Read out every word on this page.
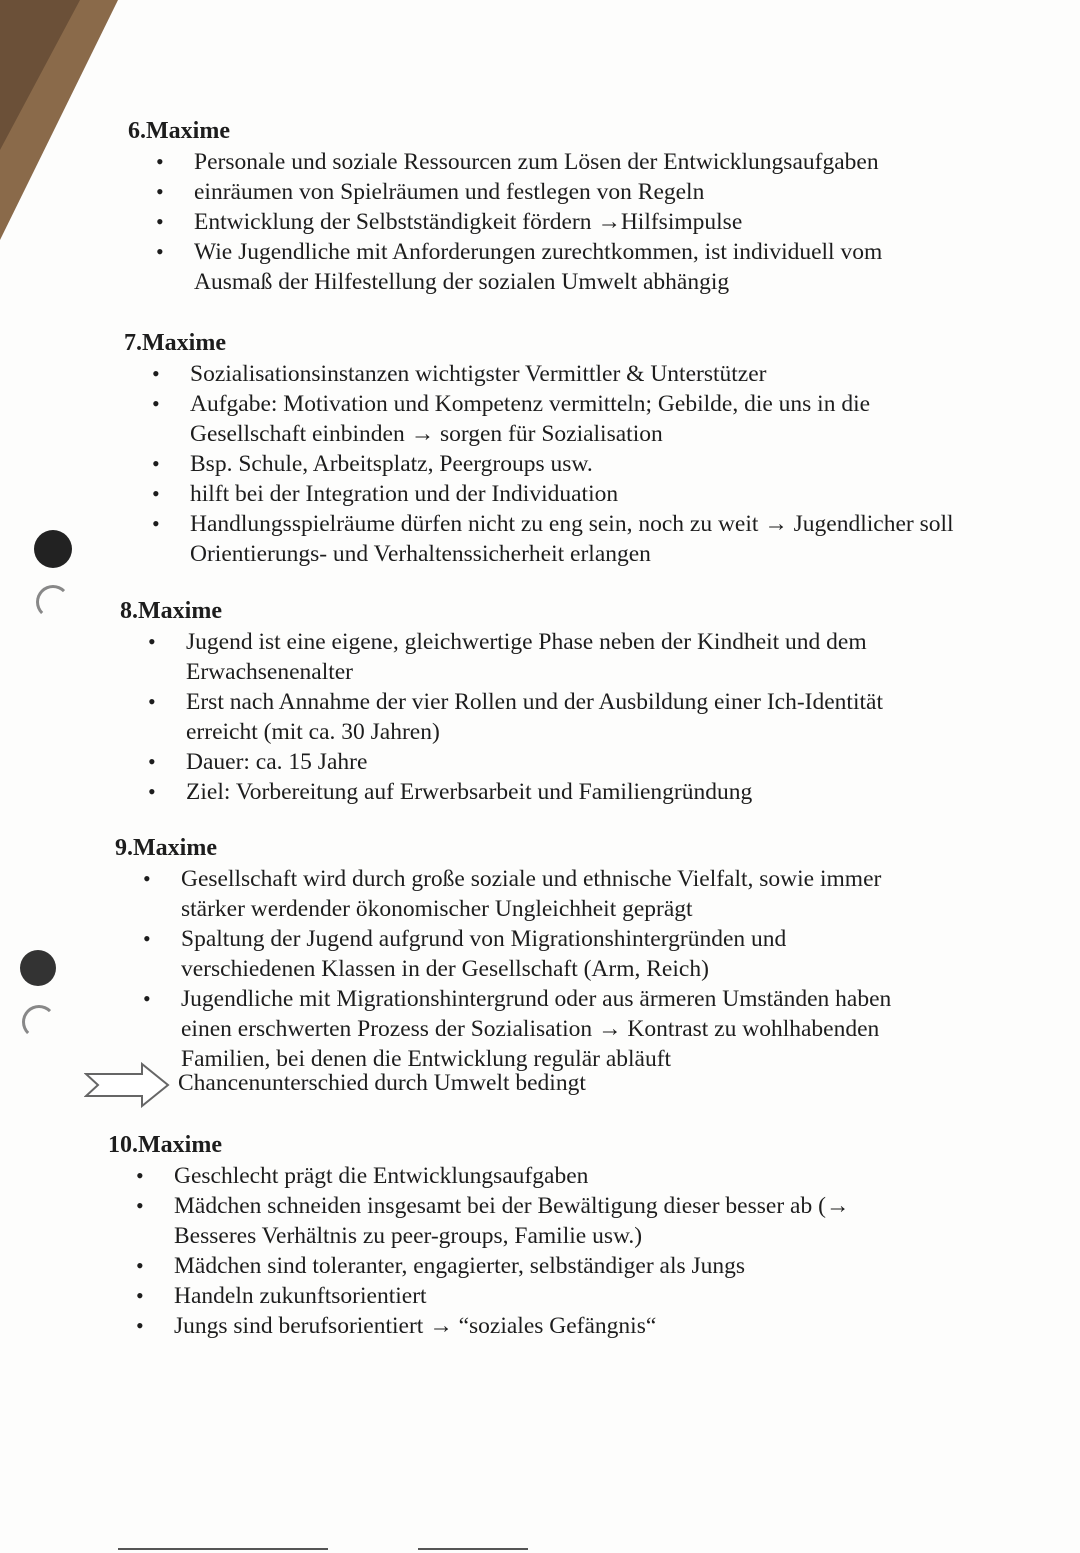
6.Maxime
• Personale und soziale Ressourcen zum Lösen der Entwicklungsaufgaben
• einräumen von Spielräumen und festlegen von Regeln
• Entwicklung der Selbstständigkeit fördern →Hilfsimpulse
• Wie Jugendliche mit Anforderungen zurechtkommen, ist individuell vom Ausmaß der Hilfestellung der sozialen Umwelt abhängig
7.Maxime
• Sozialisationsinstanzen wichtigster Vermittler & Unterstützer
• Aufgabe: Motivation und Kompetenz vermitteln; Gebilde, die uns in die Gesellschaft einbinden → sorgen für Sozialisation
• Bsp. Schule, Arbeitsplatz, Peergroups usw.
• hilft bei der Integration und der Individuation
• Handlungsspielräume dürfen nicht zu eng sein, noch zu weit → Jugendlicher soll Orientierungs- und Verhaltenssicherheit erlangen
8.Maxime
• Jugend ist eine eigene, gleichwertige Phase neben der Kindheit und dem Erwachsenenalter
• Erst nach Annahme der vier Rollen und der Ausbildung einer Ich-Identität erreicht (mit ca. 30 Jahren)
• Dauer: ca. 15 Jahre
• Ziel: Vorbereitung auf Erwerbsarbeit und Familiengründung
9.Maxime
• Gesellschaft wird durch große soziale und ethnische Vielfalt, sowie immer stärker werdender ökonomischer Ungleichheit geprägt
• Spaltung der Jugend aufgrund von Migrationshintergründen und verschiedenen Klassen in der Gesellschaft (Arm, Reich)
• Jugendliche mit Migrationshintergrund oder aus ärmeren Umständen haben einen erschwerten Prozess der Sozialisation → Kontrast zu wohlhabenden Familien, bei denen die Entwicklung regulär abläuft
Chancenunterschied durch Umwelt bedingt
10.Maxime
• Geschlecht prägt die Entwicklungsaufgaben
• Mädchen schneiden insgesamt bei der Bewältigung dieser besser ab (→ Besseres Verhältnis zu peer-groups, Familie usw.)
• Mädchen sind toleranter, engagierter, selbständiger als Jungs
• Handeln zukunftsorientiert
• Jungs sind berufsorientiert → “soziales Gefängnis“
